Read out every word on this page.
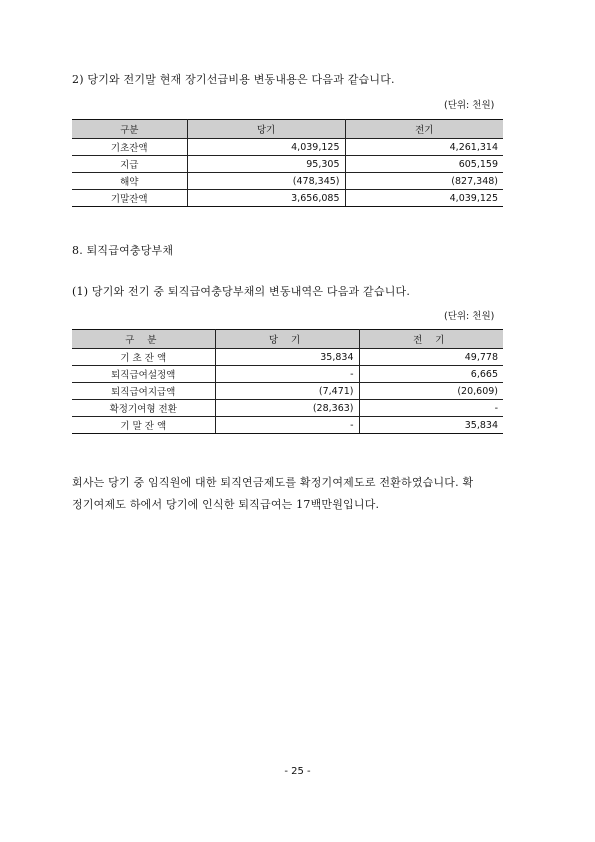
2) 당기와 전기말 현재 장기선급비용 변동내용은 다음과 같습니다.
(단위: 천원)
구분	당기	전기
기초잔액	4,039,125	4,261,314
지급	95,305	605,159
해약	(478,345)	(827,348)
기말잔액	3,656,085	4,039,125
8. 퇴직급여충당부채
(1) 당기와 전기 중 퇴직급여충당부채의 변동내역은 다음과 같습니다.
(단위: 천원)
구 분	당 기	전 기
기 초 잔 액	35,834	49,778
퇴직급여설정액	-	6,665
퇴직급여지급액	(7,471)	(20,609)
확정기여형 전환	(28,363)	-
기 말 잔 액	-	35,834
회사는 당기 중 임직원에 대한 퇴직연금제도를 확정기여제도로 전환하였습니다. 확
정기여제도 하에서 당기에 인식한 퇴직급여는 17백만원입니다.
- 25 -
